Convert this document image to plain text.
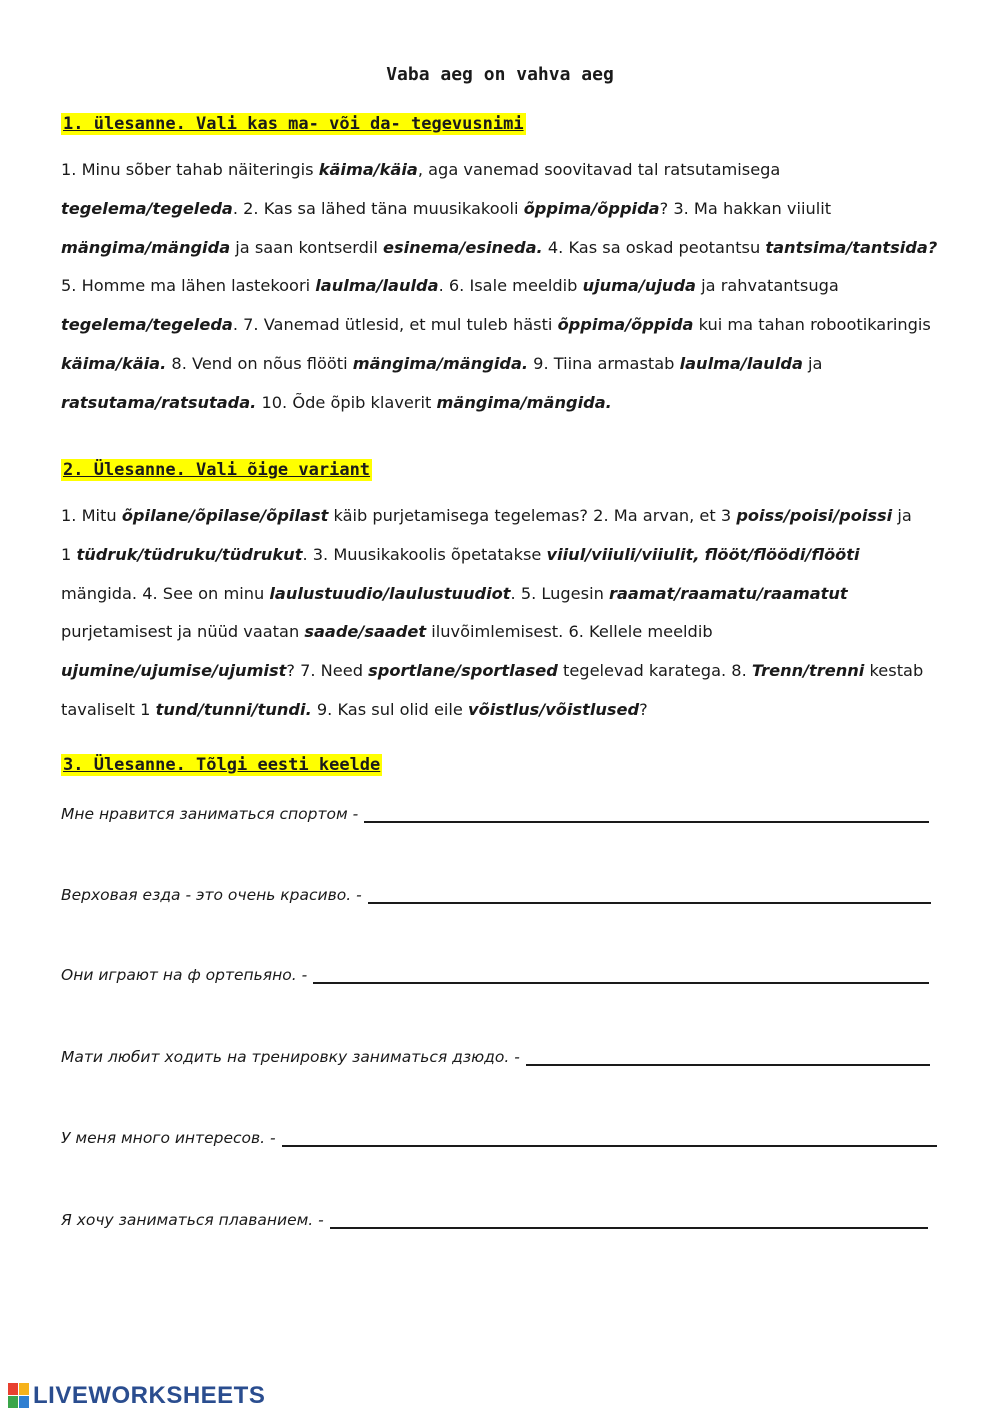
Vaba aeg on vahva aeg
1. ülesanne. Vali kas ma- või da- tegevusnimi
1. Minu sõber tahab näiteringis käima/käia, aga vanemad soovitavad tal ratsutamisega
tegelema/tegeleda. 2. Kas sa lähed täna muusikakooli õppima/õppida? 3. Ma hakkan viiulit
mängima/mängida ja saan kontserdil esinema/esineda. 4. Kas sa oskad peotantsu tantsima/tantsida?
5. Homme ma lähen lastekoori laulma/laulda. 6. Isale meeldib ujuma/ujuda ja rahvatantsuga
tegelema/tegeleda. 7. Vanemad ütlesid, et mul tuleb hästi õppima/õppida kui ma tahan robootikaringis
käima/käia. 8. Vend on nõus flööti mängima/mängida. 9. Tiina armastab laulma/laulda ja
ratsutama/ratsutada. 10. Õde õpib klaverit mängima/mängida.
2. Ülesanne. Vali õige variant
1. Mitu õpilane/õpilase/õpilast käib purjetamisega tegelemas? 2. Ma arvan, et 3 poiss/poisi/poissi ja
1 tüdruk/tüdruku/tüdrukut. 3. Muusikakoolis õpetatakse viiul/viiuli/viiulit, flööt/flöödi/flööti
mängida. 4. See on minu laulustuudio/laulustuudiot. 5. Lugesin raamat/raamatu/raamatut
purjetamisest ja nüüd vaatan saade/saadet iluvõimlemisest. 6. Kellele meeldib
ujumine/ujumise/ujumist? 7. Need sportlane/sportlased tegelevad karatega. 8. Trenn/trenni kestab
tavaliselt 1 tund/tunni/tundi. 9. Kas sul olid eile võistlus/võistlused?
3. Ülesanne. Tõlgi eesti keelde
Мне нравится заниматься спортом -
Верховая езда - это очень красиво. -
Они играют на ф ортепьяно. -
Мати любит ходить на тренировку заниматься дзюдо. -
У меня много интересов. -
Я хочу заниматься плаванием. -
LIVEWORKSHEETS
